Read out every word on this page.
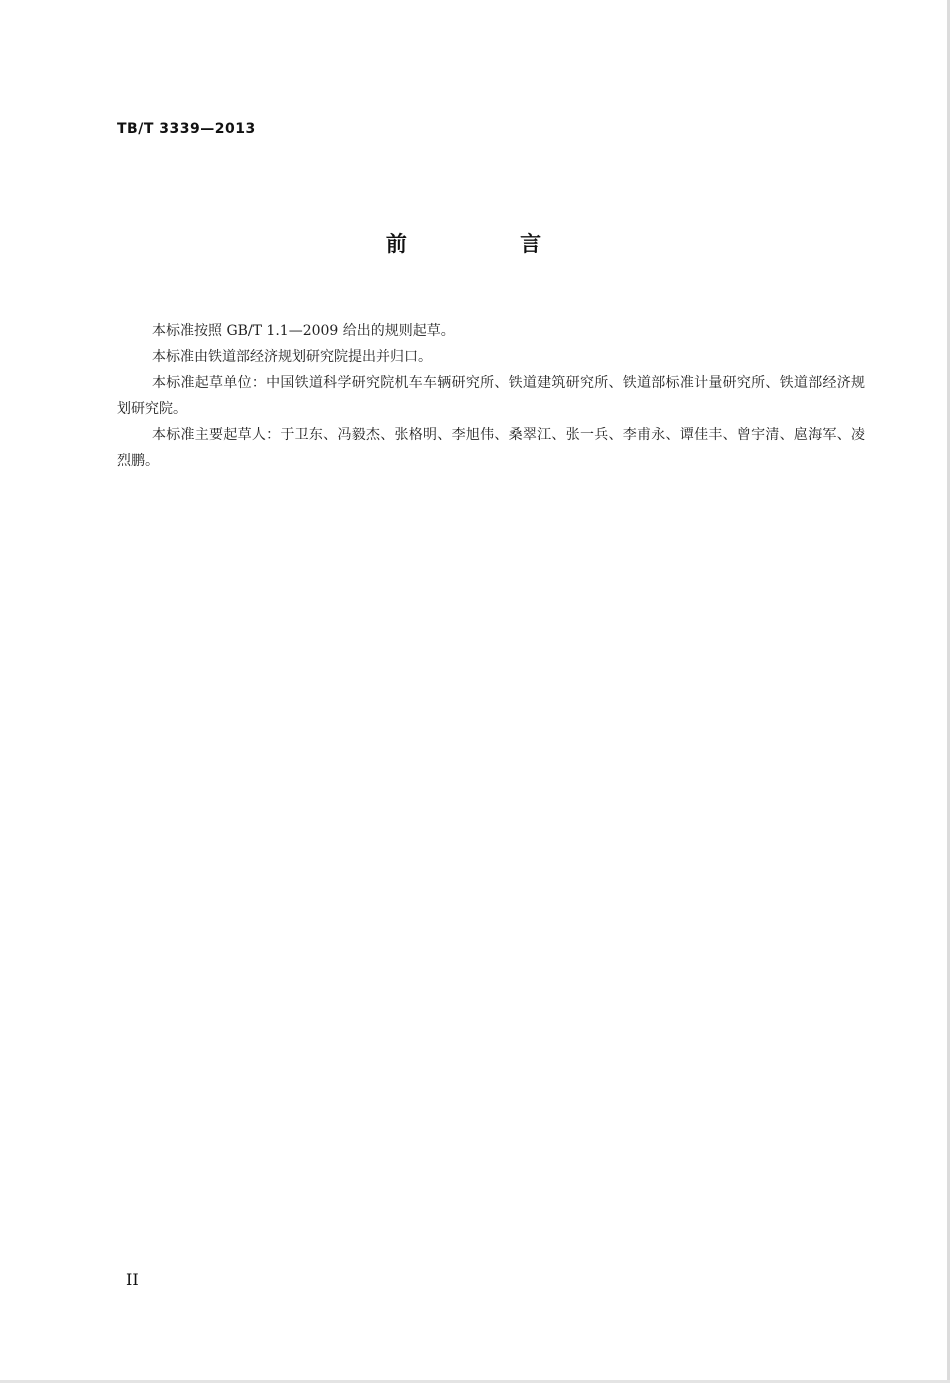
TB/T 3339—2013
前 言

本标准按照 GB/T 1.1—2009 给出的规则起草。

本标准由铁道部经济规划研究院提出并归口。

本标准起草单位：中国铁道科学研究院机车车辆研究所、铁道建筑研究所、铁道部标准计量研究所、铁道部经济规划研究院。

本标准主要起草人：于卫东、冯毅杰、张格明、李旭伟、桑翠江、张一兵、李甫永、谭佳丰、曾宇清、扈海军、凌烈鹏。

II
